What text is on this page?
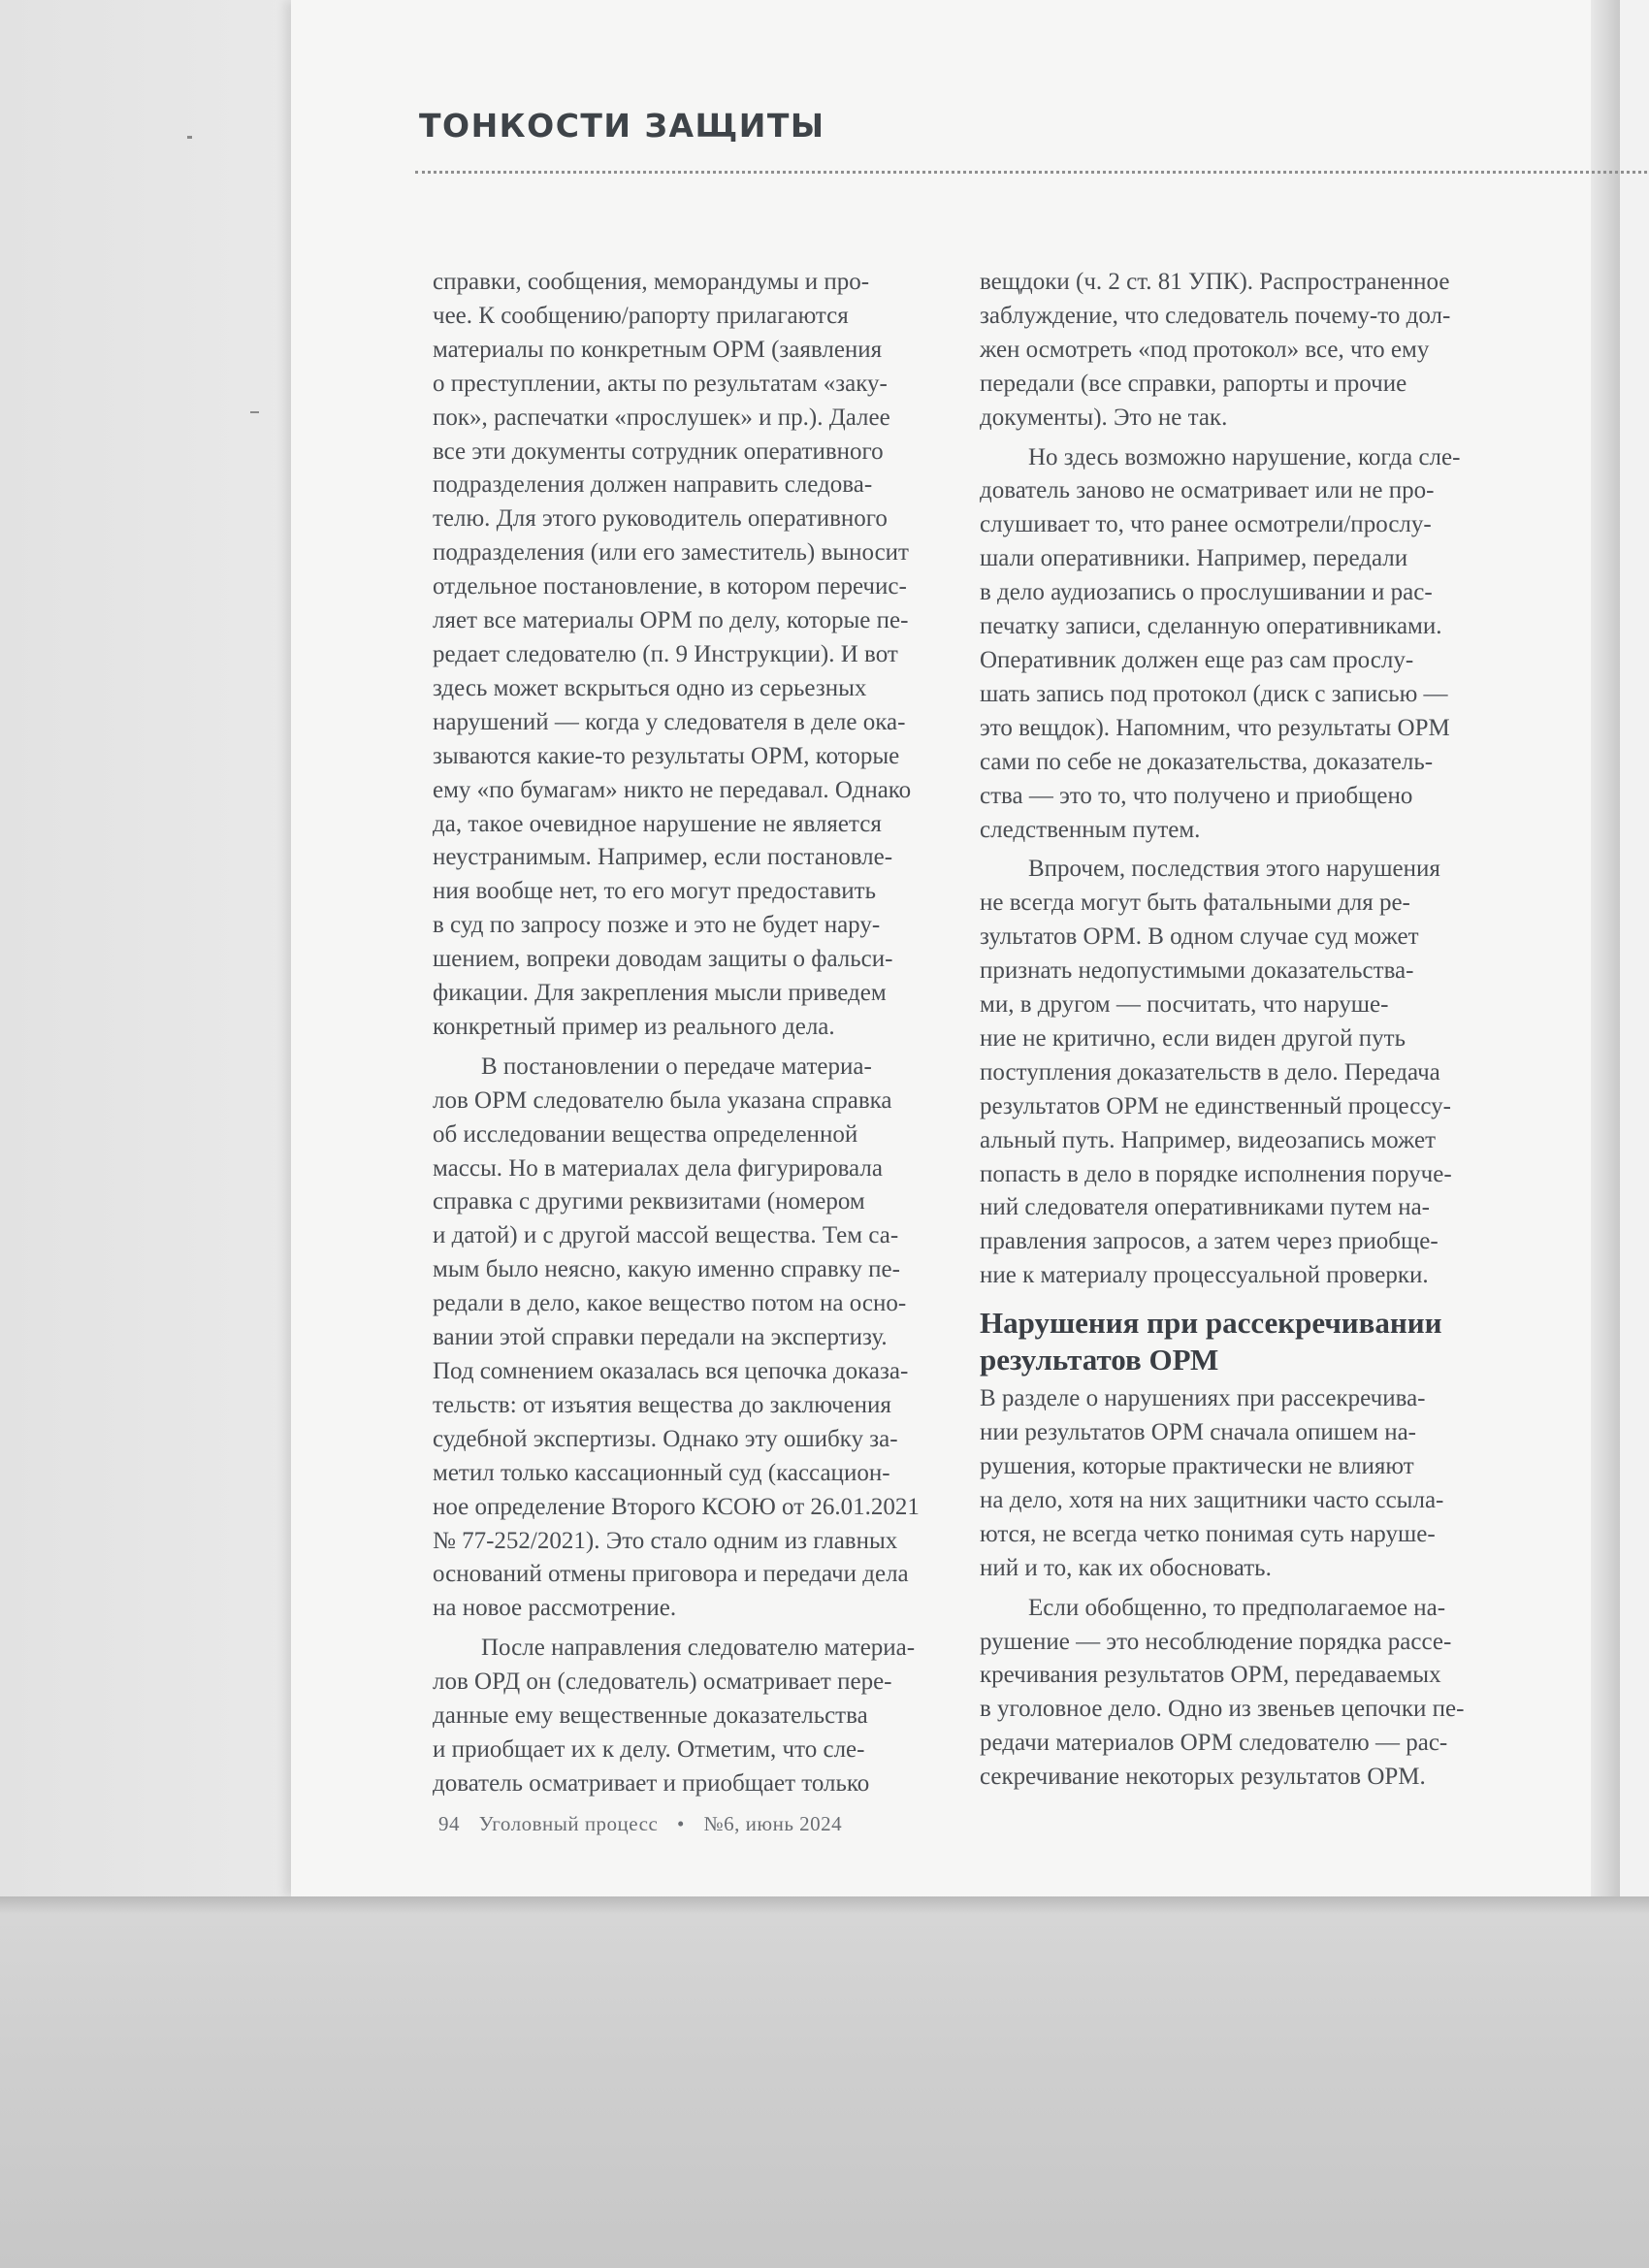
ТОНКОСТИ ЗАЩИТЫ

справки, сообщения, меморандумы и про-
чее. К сообщению/рапорту прилагаются
материалы по конкретным ОРМ (заявления
о преступлении, акты по результатам «заку-
пок», распечатки «прослушек» и пр.). Далее
все эти документы сотрудник оперативного
подразделения должен направить следова-
телю. Для этого руководитель оперативного
подразделения (или его заместитель) выносит
отдельное постановление, в котором перечис-
ляет все материалы ОРМ по делу, которые пе-
редает следователю (п. 9 Инструкции). И вот
здесь может вскрыться одно из серьезных
нарушений — когда у следователя в деле ока-
зываются какие-то результаты ОРМ, которые
ему «по бумагам» никто не передавал. Однако
да, такое очевидное нарушение не является
неустранимым. Например, если постановле-
ния вообще нет, то его могут предоставить
в суд по запросу позже и это не будет нару-
шением, вопреки доводам защиты о фальси-
фикации. Для закрепления мысли приведем
конкретный пример из реального дела.

В постановлении о передаче материа-
лов ОРМ следователю была указана справка
об исследовании вещества определенной
массы. Но в материалах дела фигурировала
справка с другими реквизитами (номером
и датой) и с другой массой вещества. Тем са-
мым было неясно, какую именно справку пе-
редали в дело, какое вещество потом на осно-
вании этой справки передали на экспертизу.
Под сомнением оказалась вся цепочка доказа-
тельств: от изъятия вещества до заключения
судебной экспертизы. Однако эту ошибку за-
метил только кассационный суд (кассацион-
ное определение Второго КСОЮ от 26.01.2021
№ 77-252/2021). Это стало одним из главных
оснований отмены приговора и передачи дела
на новое рассмотрение.

После направления следователю материа-
лов ОРД он (следователь) осматривает пере-
данные ему вещественные доказательства
и приобщает их к делу. Отметим, что сле-
дователь осматривает и приобщает только

вещдоки (ч. 2 ст. 81 УПК). Распространенное
заблуждение, что следователь почему-то дол-
жен осмотреть «под протокол» все, что ему
передали (все справки, рапорты и прочие
документы). Это не так.

Но здесь возможно нарушение, когда сле-
дователь заново не осматривает или не про-
слушивает то, что ранее осмотрели/прослу-
шали оперативники. Например, передали
в дело аудиозапись о прослушивании и рас-
печатку записи, сделанную оперативниками.
Оперативник должен еще раз сам прослу-
шать запись под протокол (диск с записью —
это вещдок). Напомним, что результаты ОРМ
сами по себе не доказательства, доказатель-
ства — это то, что получено и приобщено
следственным путем.

Впрочем, последствия этого нарушения
не всегда могут быть фатальными для ре-
зультатов ОРМ. В одном случае суд может
признать недопустимыми доказательства-
ми, в другом — посчитать, что наруше-
ние не критично, если виден другой путь
поступления доказательств в дело. Передача
результатов ОРМ не единственный процессу-
альный путь. Например, видеозапись может
попасть в дело в порядке исполнения поруче-
ний следователя оперативниками путем на-
правления запросов, а затем через приобще-
ние к материалу процессуальной проверки.

Нарушения при рассекречивании
результатов ОРМ

В разделе о нарушениях при рассекречива-
нии результатов ОРМ сначала опишем на-
рушения, которые практически не влияют
на дело, хотя на них защитники часто ссыла-
ются, не всегда четко понимая суть наруше-
ний и то, как их обосновать.

Если обобщенно, то предполагаемое на-
рушение — это несоблюдение порядка рассе-
кречивания результатов ОРМ, передаваемых
в уголовное дело. Одно из звеньев цепочки пе-
редачи материалов ОРМ следователю — рас-
секречивание некоторых результатов ОРМ.

94 Уголовный процесс • №6, июнь 2024
